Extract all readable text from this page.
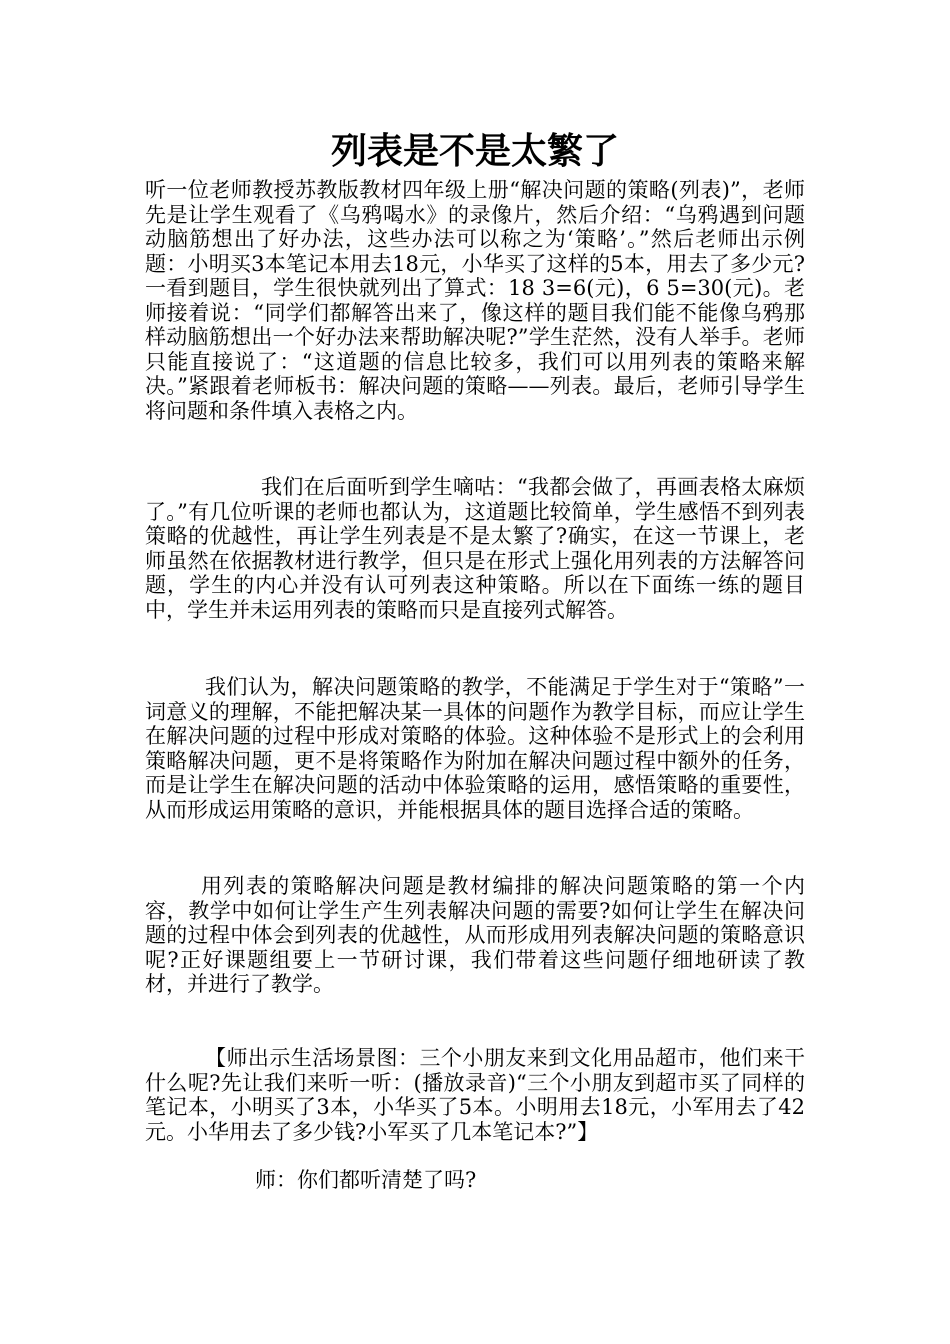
列表是不是太繁了

听一位老师教授苏教版教材四年级上册“解决问题的策略(列表)”，老师先是让学生观看了《乌鸦喝水》的录像片，然后介绍：“乌鸦遇到问题动脑筋想出了好办法，这些办法可以称之为‘策略’。”然后老师出示例题：小明买3本笔记本用去18元，小华买了这样的5本，用去了多少元?一看到题目，学生很快就列出了算式：18 3=6(元)，6 5=30(元)。老师接着说：“同学们都解答出来了，像这样的题目我们能不能像乌鸦那样动脑筋想出一个好办法来帮助解决呢?”学生茫然，没有人举手。老师只能直接说了：“这道题的信息比较多，我们可以用列表的策略来解决。”紧跟着老师板书：解决问题的策略——列表。最后，老师引导学生将问题和条件填入表格之内。

我们在后面听到学生嘀咕：“我都会做了，再画表格太麻烦了。”有几位听课的老师也都认为，这道题比较简单，学生感悟不到列表策略的优越性，再让学生列表是不是太繁了?确实，在这一节课上，老师虽然在依据教材进行教学，但只是在形式上强化用列表的方法解答问题，学生的内心并没有认可列表这种策略。所以在下面练一练的题目中，学生并未运用列表的策略而只是直接列式解答。

我们认为，解决问题策略的教学，不能满足于学生对于“策略”一词意义的理解，不能把解决某一具体的问题作为教学目标，而应让学生在解决问题的过程中形成对策略的体验。这种体验不是形式上的会利用策略解决问题，更不是将策略作为附加在解决问题过程中额外的任务，而是让学生在解决问题的活动中体验策略的运用，感悟策略的重要性，从而形成运用策略的意识，并能根据具体的题目选择合适的策略。

用列表的策略解决问题是教材编排的解决问题策略的第一个内容，教学中如何让学生产生列表解决问题的需要?如何让学生在解决问题的过程中体会到列表的优越性，从而形成用列表解决问题的策略意识呢?正好课题组要上一节研讨课，我们带着这些问题仔细地研读了教材，并进行了教学。

【师出示生活场景图：三个小朋友来到文化用品超市，他们来干什么呢?先让我们来听一听：(播放录音)“三个小朋友到超市买了同样的笔记本，小明买了3本，小华买了5本。小明用去18元，小军用去了42元。小华用去了多少钱?小军买了几本笔记本?”】

师：你们都听清楚了吗?
